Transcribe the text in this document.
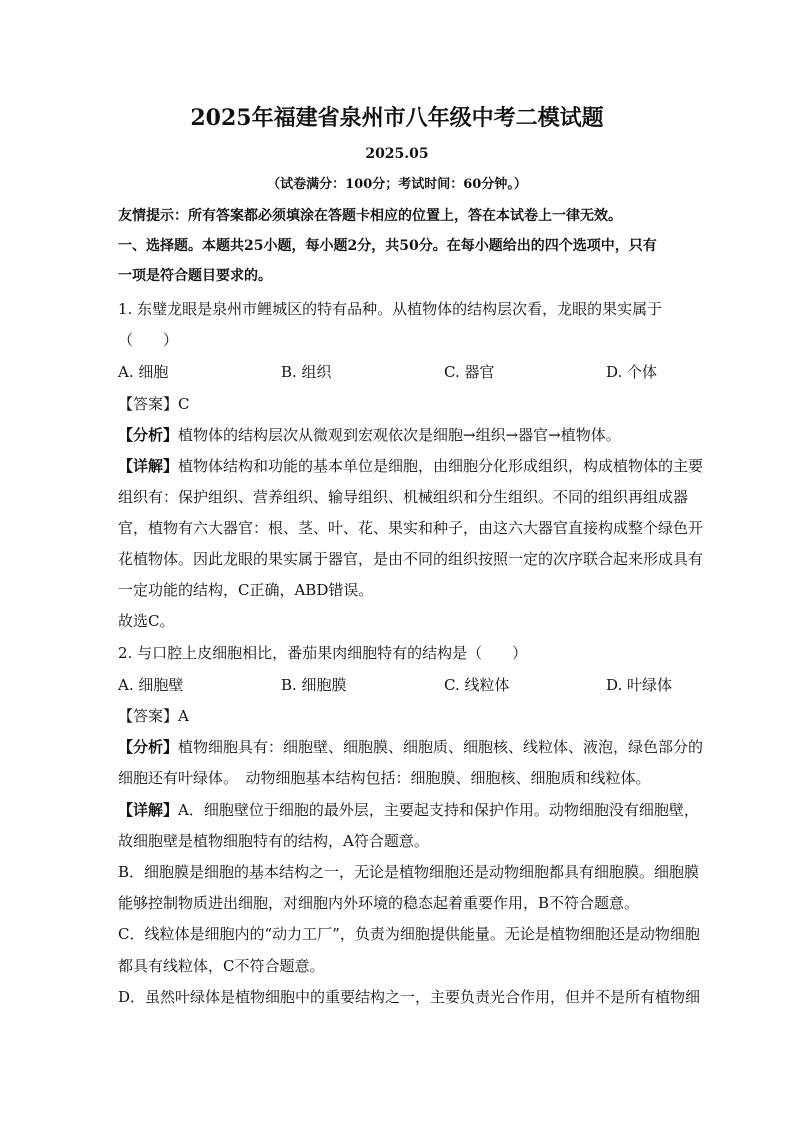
2025年福建省泉州市八年级中考二模试题
2025.05
（试卷满分：100分；考试时间：60分钟。）
友情提示：所有答案都必须填涂在答题卡相应的位置上，答在本试卷上一律无效。
一、选择题。本题共25小题，每小题2分，共50分。在每小题给出的四个选项中，只有
一项是符合题目要求的。
1. 东璧龙眼是泉州市鲤城区的特有品种。从植物体的结构层次看，龙眼的果实属于
（　　）
A. 细胞	B. 组织	C. 器官	D. 个体
【答案】C
【分析】植物体的结构层次从微观到宏观依次是细胞→组织→器官→植物体。
【详解】植物体结构和功能的基本单位是细胞，由细胞分化形成组织，构成植物体的主要
组织有：保护组织、营养组织、输导组织、机械组织和分生组织。不同的组织再组成器
官，植物有六大器官：根、茎、叶、花、果实和种子，由这六大器官直接构成整个绿色开
花植物体。因此龙眼的果实属于器官，是由不同的组织按照一定的次序联合起来形成具有
一定功能的结构，C正确，ABD错误。
故选C。
2. 与口腔上皮细胞相比，番茄果肉细胞特有的结构是（　　）
A. 细胞壁	B. 细胞膜	C. 线粒体	D. 叶绿体
【答案】A
【分析】植物细胞具有：细胞壁、细胞膜、细胞质、细胞核、线粒体、液泡，绿色部分的
细胞还有叶绿体。　动物细胞基本结构包括：细胞膜、细胞核、细胞质和线粒体。
【详解】A．细胞壁位于细胞的最外层，主要起支持和保护作用。动物细胞没有细胞壁，
故细胞壁是植物细胞特有的结构，A符合题意。
B．细胞膜是细胞的基本结构之一，无论是植物细胞还是动物细胞都具有细胞膜。细胞膜
能够控制物质进出细胞，对细胞内外环境的稳态起着重要作用，B不符合题意。
C．线粒体是细胞内的“动力工厂”，负责为细胞提供能量。无论是植物细胞还是动物细胞
都具有线粒体，C不符合题意。
D．虽然叶绿体是植物细胞中的重要结构之一，主要负责光合作用，但并不是所有植物细
